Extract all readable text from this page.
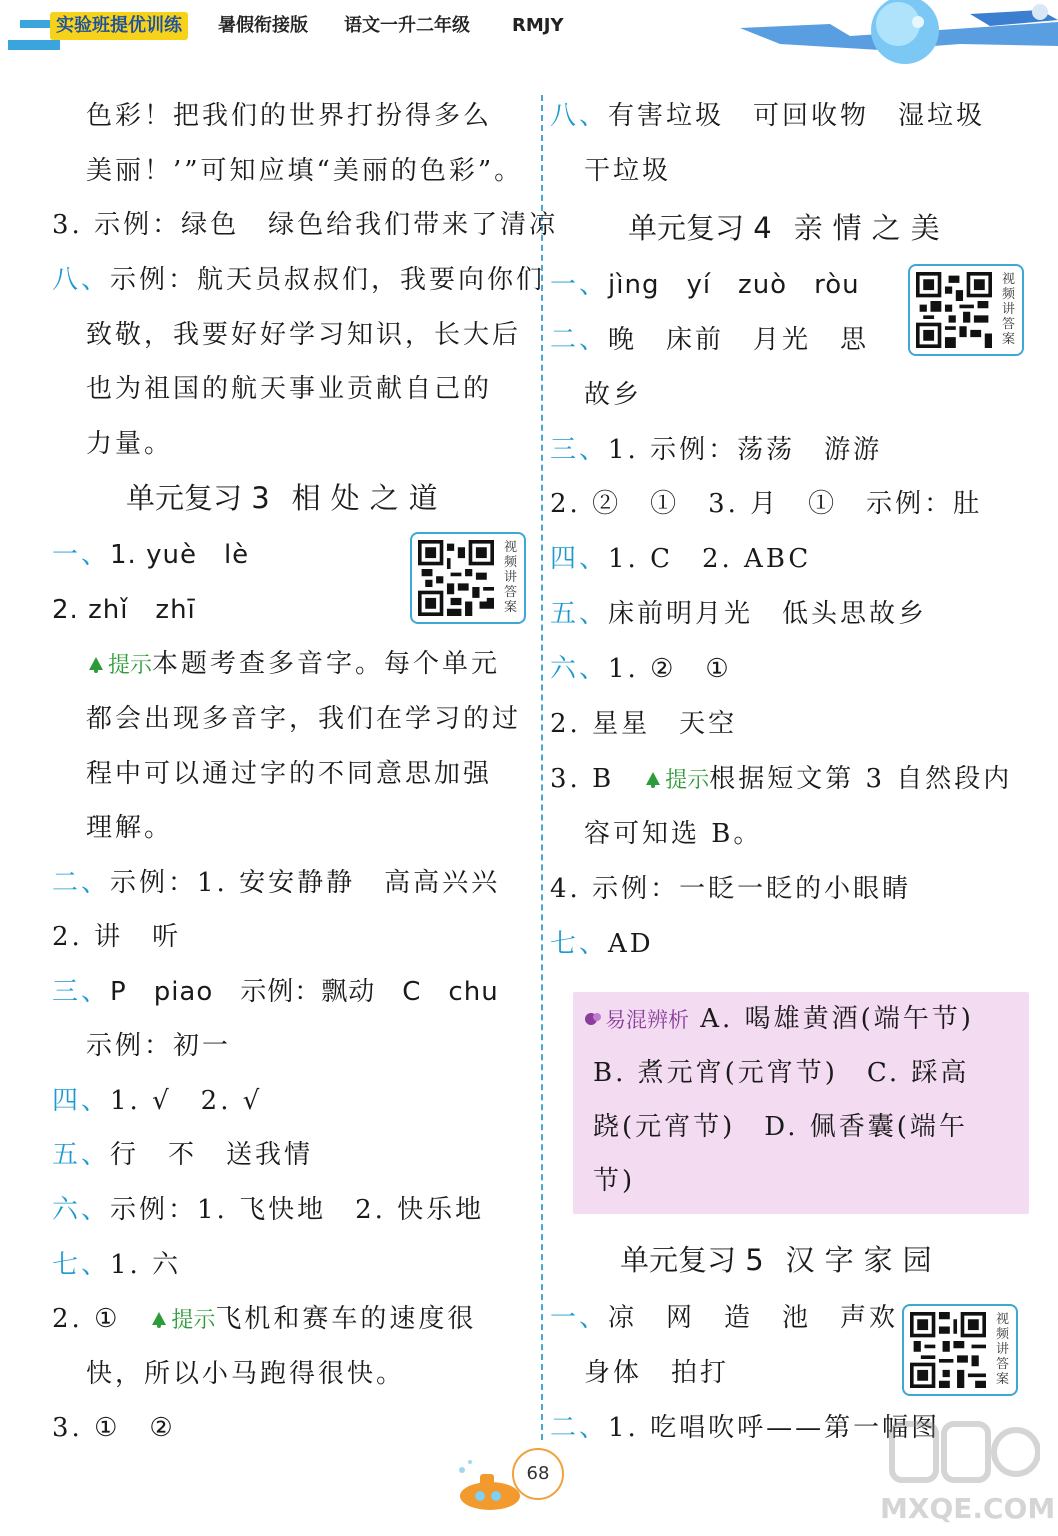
实验班提优训练	暑假衔接版 语文一升二年级 RMJY
色彩！把我们的世界打扮得多么
美丽！’”可知应填“美丽的色彩”。
3. 示例：绿色　绿色给我们带来了清凉
八、示例：航天员叔叔们，我要向你们
致敬，我要好好学习知识，长大后
也为祖国的航天事业贡献自己的
力量。
单元复习 3 相处之道
一、1. yuè　lè	视频讲答案
2. zhǐ　zhī
提示本题考查多音字。每个单元
都会出现多音字，我们在学习的过
程中可以通过字的不同意思加强
理解。
二、示例：1. 安安静静　高高兴兴
2. 讲　听
三、P　piao　示例：飘动　C　chu
示例：初一
四、1. √　2. √
五、行　不　送我情
六、示例：1. 飞快地　2. 快乐地
七、1. 六
2. ①　提示飞机和赛车的速度很
快，所以小马跑得很快。
3. ①　②
八、有害垃圾　可回收物　湿垃圾
干垃圾
单元复习 4 亲情之美
一、jìng　yí　zuò　ròu	视频讲答案
二、晚　床前　月光　思
故乡
三、1. 示例：荡荡　游游
2. ②　①　3. 月　①　示例：肚
四、1. C　2. ABC
五、床前明月光　低头思故乡
六、1. ②　①
2. 星星　天空
3. B　提示根据短文第 3 自然段内
容可知选 B。
4. 示例：一眨一眨的小眼睛
七、AD
易混辨析 A. 喝雄黄酒(端午节)
B. 煮元宵(元宵节)　C. 踩高
跷(元宵节)　D. 佩香囊(端午
节)
单元复习 5 汉字家园
一、凉　网　造　池　声欢	视频讲答案
身体　拍打
二、1. 吃唱吹呼——第一幅图
68
MXQE.COM
